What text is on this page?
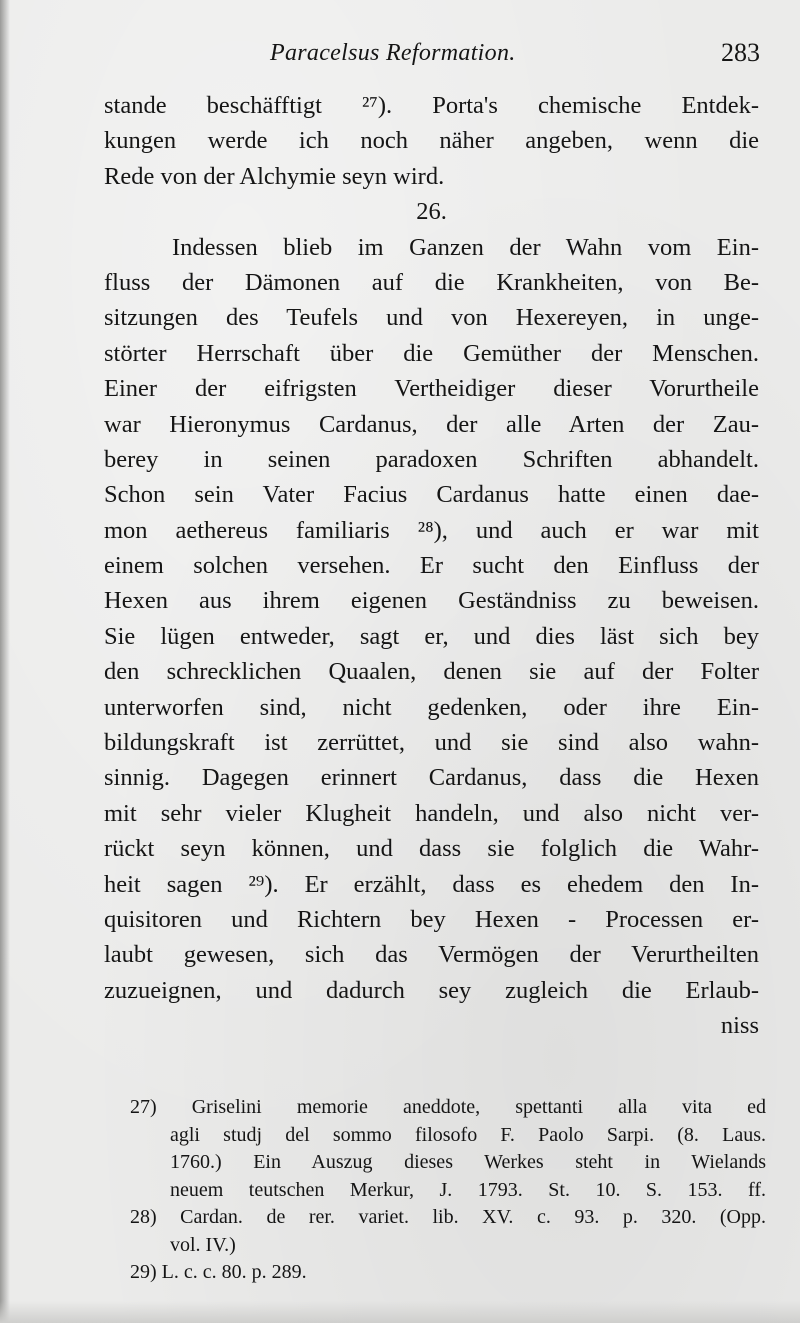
Paracelsus Reformation.	283
stande beschäfftigt ²⁷). Porta's chemische Entdek-
kungen werde ich noch näher angeben, wenn die
Rede von der Alchymie seyn wird.
26.
Indessen blieb im Ganzen der Wahn vom Ein-
fluss der Dämonen auf die Krankheiten, von Be-
sitzungen des Teufels und von Hexereyen, in unge-
störter Herrschaft über die Gemüther der Menschen.
Einer der eifrigsten Vertheidiger dieser Vorurtheile
war Hieronymus Cardanus, der alle Arten der Zau-
berey in seinen paradoxen Schriften abhandelt.
Schon sein Vater Facius Cardanus hatte einen dae-
mon aethereus familiaris ²⁸), und auch er war mit
einem solchen versehen. Er sucht den Einfluss der
Hexen aus ihrem eigenen Geständniss zu beweisen.
Sie lügen entweder, sagt er, und dies läst sich bey
den schrecklichen Quaalen, denen sie auf der Folter
unterworfen sind, nicht gedenken, oder ihre Ein-
bildungskraft ist zerrüttet, und sie sind also wahn-
sinnig. Dagegen erinnert Cardanus, dass die Hexen
mit sehr vieler Klugheit handeln, und also nicht ver-
rückt seyn können, und dass sie folglich die Wahr-
heit sagen ²⁹). Er erzählt, dass es ehedem den In-
quisitoren und Richtern bey Hexen - Processen er-
laubt gewesen, sich das Vermögen der Verurtheilten
zuzueignen, und dadurch sey zugleich die Erlaub-
niss
27) Griselini memorie aneddote, spettanti alla vita ed
agli studj del sommo filosofo F. Paolo Sarpi. (8. Laus.
1760.) Ein Auszug dieses Werkes steht in Wielands
neuem teutschen Merkur, J. 1793. St. 10. S. 153. ff.
28) Cardan. de rer. variet. lib. XV. c. 93. p. 320. (Opp.
vol. IV.)
29) L. c. c. 80. p. 289.
